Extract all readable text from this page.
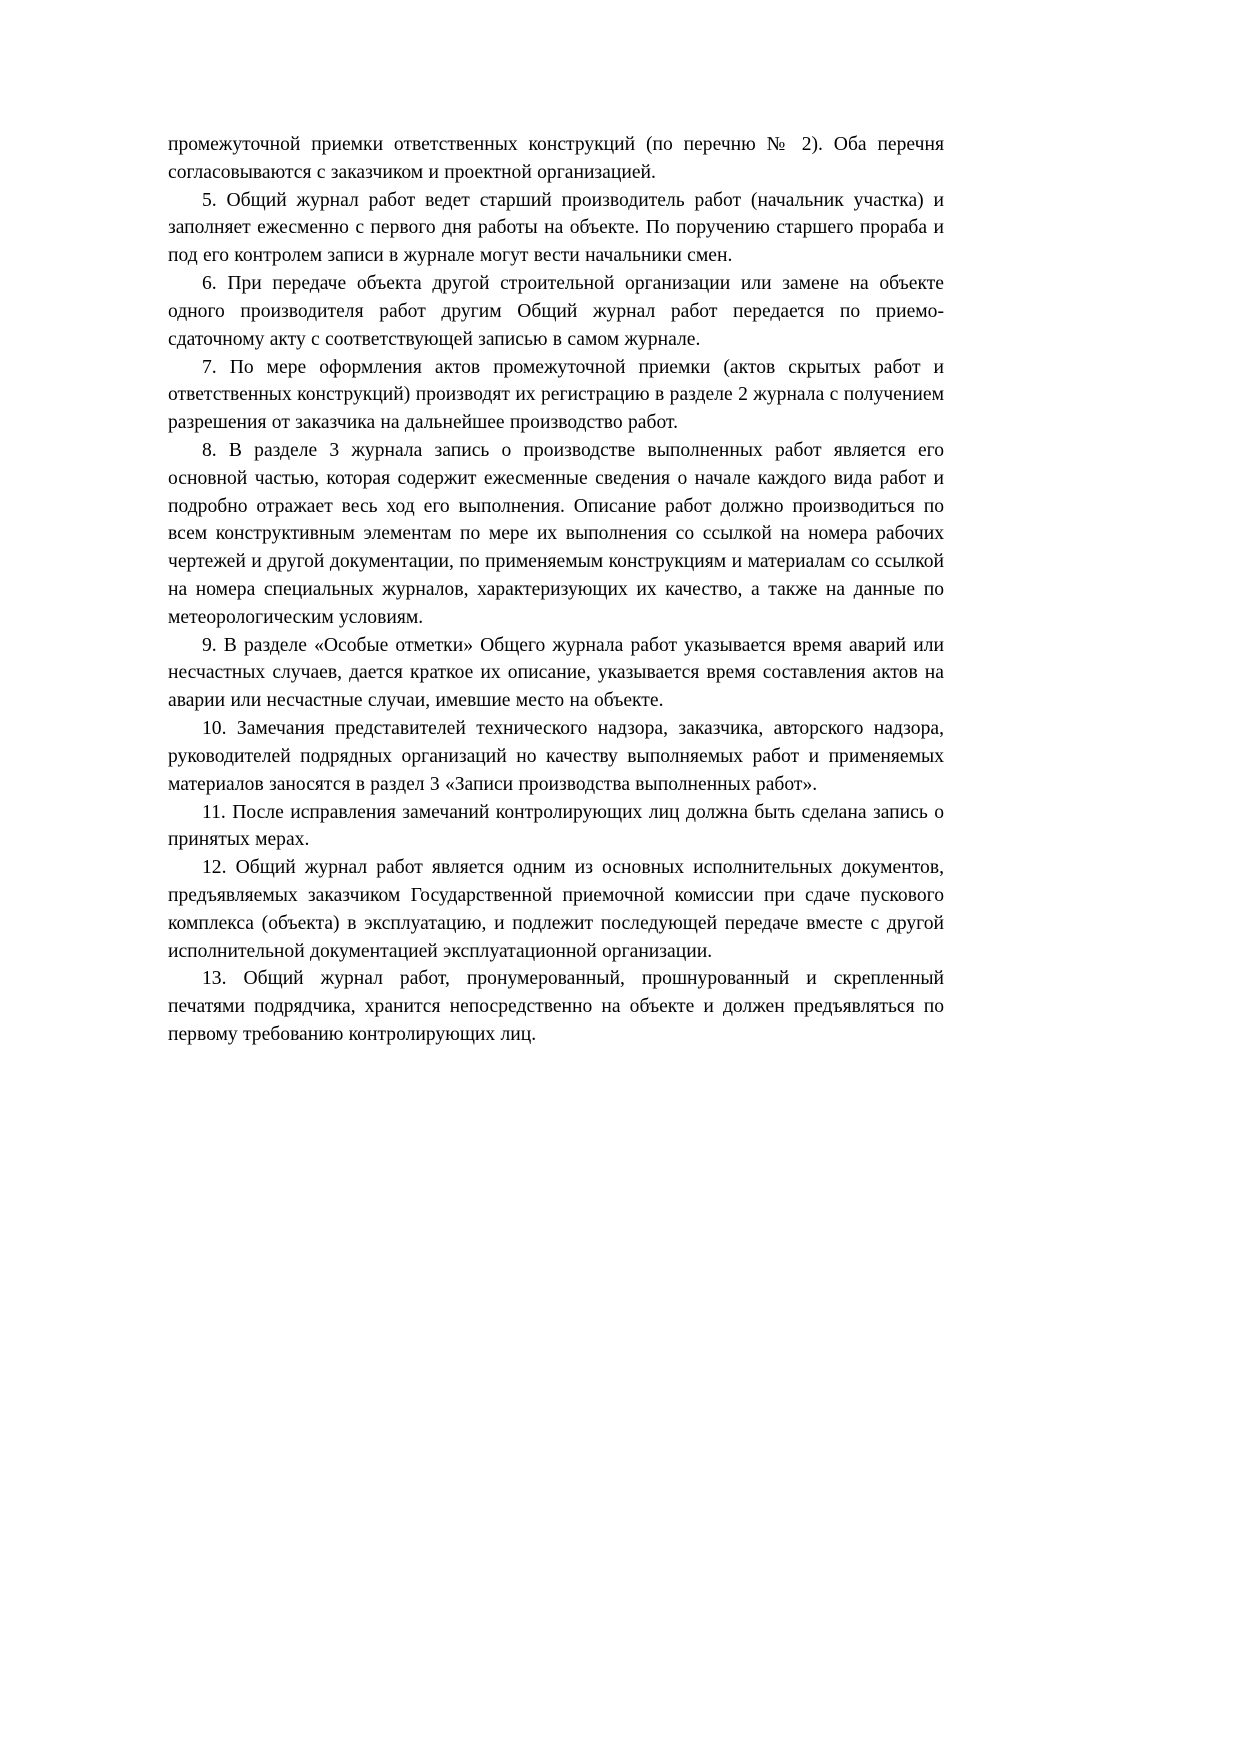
промежуточной приемки ответственных конструкций (по перечню № 2). Оба перечня согласовываются с заказчиком и проектной организацией.

5. Общий журнал работ ведет старший производитель работ (начальник участка) и заполняет ежесменно с первого дня работы на объекте. По поручению старшего прораба и под его контролем записи в журнале могут вести начальники смен.

6. При передаче объекта другой строительной организации или замене на объекте одного производителя работ другим Общий журнал работ передается по приемо-сдаточному акту с соответствующей записью в самом журнале.

7. По мере оформления актов промежуточной приемки (актов скрытых работ и ответственных конструкций) производят их регистрацию в разделе 2 журнала с получением разрешения от заказчика на дальнейшее производство работ.

8. В разделе 3 журнала запись о производстве выполненных работ является его основной частью, которая содержит ежесменные сведения о начале каждого вида работ и подробно отражает весь ход его выполнения. Описание работ должно производиться по всем конструктивным элементам по мере их выполнения со ссылкой на номера рабочих чертежей и другой документации, по применяемым конструкциям и материалам со ссылкой на номера специальных журналов, характеризующих их качество, а также на данные по метеорологическим условиям.

9. В разделе «Особые отметки» Общего журнала работ указывается время аварий или несчастных случаев, дается краткое их описание, указывается время составления актов на аварии или несчастные случаи, имевшие место на объекте.

10. Замечания представителей технического надзора, заказчика, авторского надзора, руководителей подрядных организаций но качеству выполняемых работ и применяемых материалов заносятся в раздел 3 «Записи производства выполненных работ».

11. После исправления замечаний контролирующих лиц должна быть сделана запись о принятых мерах.

12. Общий журнал работ является одним из основных исполнительных документов, предъявляемых заказчиком Государственной приемочной комиссии при сдаче пускового комплекса (объекта) в эксплуатацию, и подлежит последующей передаче вместе с другой исполнительной документацией эксплуатационной организации.

13. Общий журнал работ, пронумерованный, прошнурованный и скрепленный печатями подрядчика, хранится непосредственно на объекте и должен предъявляться по первому требованию контролирующих лиц.
